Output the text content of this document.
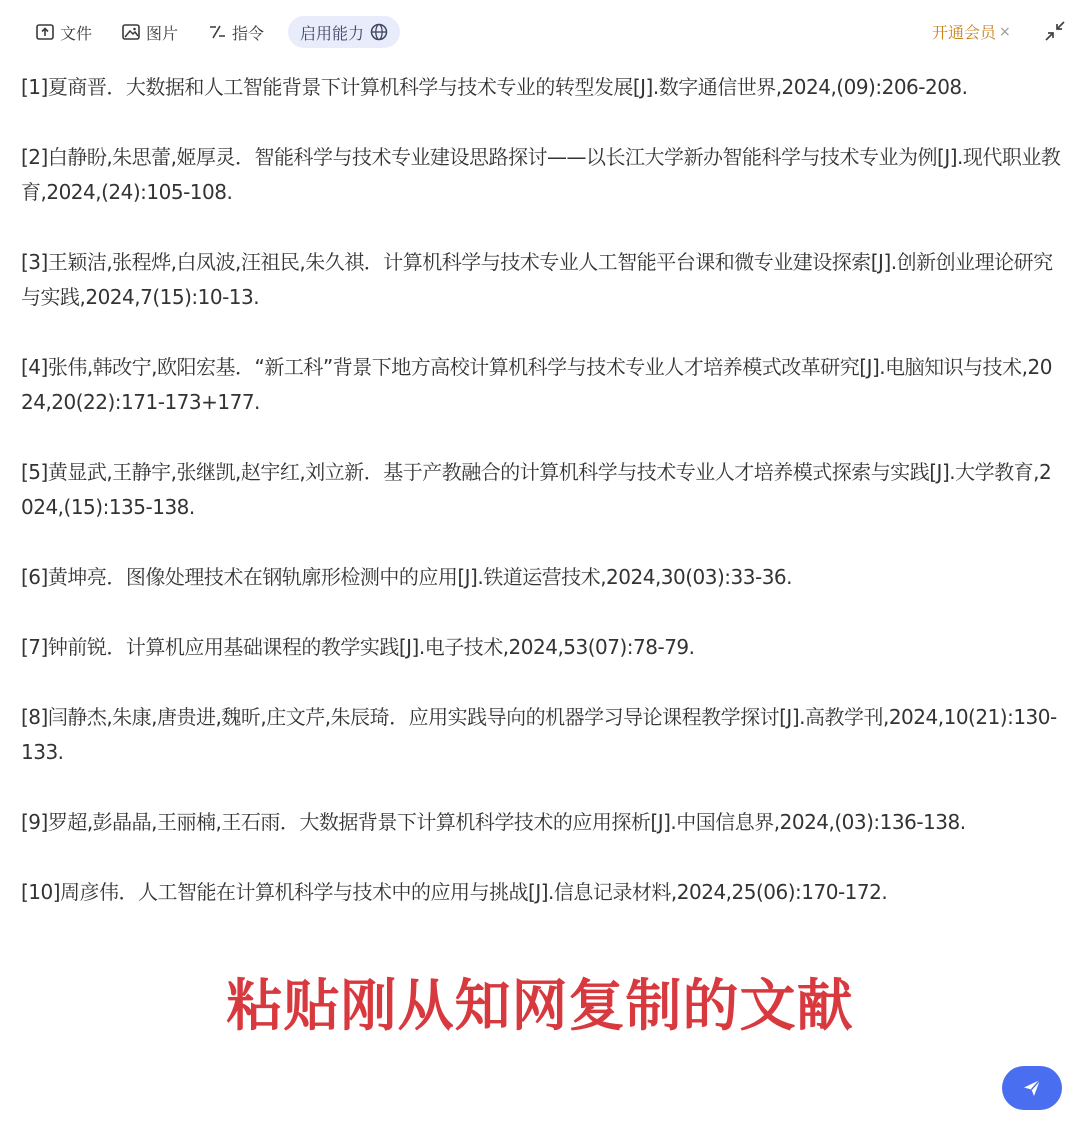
文件	图片	指令 启用能力	开通会员 ×

[1]夏商晋．大数据和人工智能背景下计算机科学与技术专业的转型发展[J].数字通信世界,2024,(09):206-208.

[2]白静盼,朱思蕾,姬厚灵．智能科学与技术专业建设思路探讨——以长江大学新办智能科学与技术专业为例[J].现代职业教育,2024,(24):105-108.

[3]王颖洁,张程烨,白凤波,汪祖民,朱久祺．计算机科学与技术专业人工智能平台课和微专业建设探索[J].创新创业理论研究与实践,2024,7(15):10-13.

[4]张伟,韩改宁,欧阳宏基．“新工科”背景下地方高校计算机科学与技术专业人才培养模式改革研究[J].电脑知识与技术,2024,20(22):171-173+177.

[5]黄显武,王静宇,张继凯,赵宇红,刘立新．基于产教融合的计算机科学与技术专业人才培养模式探索与实践[J].大学教育,2024,(15):135-138.

[6]黄坤亮．图像处理技术在钢轨廓形检测中的应用[J].铁道运营技术,2024,30(03):33-36.

[7]钟前锐．计算机应用基础课程的教学实践[J].电子技术,2024,53(07):78-79.

[8]闫静杰,朱康,唐贵进,魏昕,庄文芹,朱辰琦．应用实践导向的机器学习导论课程教学探讨[J].高教学刊,2024,10(21):130-133.

[9]罗超,彭晶晶,王丽楠,王石雨．大数据背景下计算机科学技术的应用探析[J].中国信息界,2024,(03):136-138.

[10]周彦伟．人工智能在计算机科学与技术中的应用与挑战[J].信息记录材料,2024,25(06):170-172.

粘贴刚从知网复制的文献
